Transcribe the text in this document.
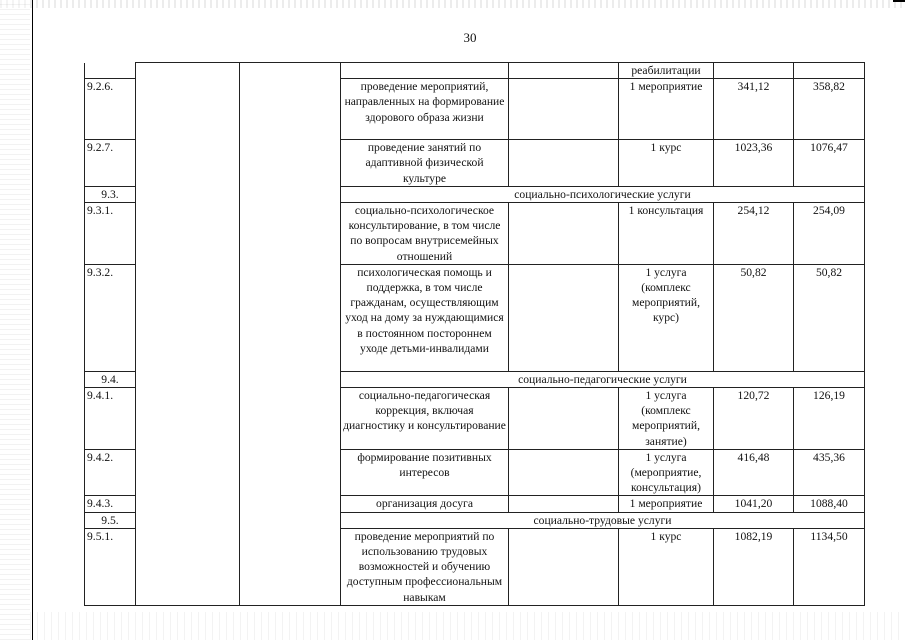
30
					реабилитации		
9.2.6.			проведение мероприятий, направленных на формирование здорового образа жизни		1 мероприятие	341,12	358,82
9.2.7.			проведение занятий по адаптивной физической культуре		1 курс	1023,36	1076,47
9.3.			социально-психологические услуги				
9.3.1.			социально-психологическое консультирование, в том числе по вопросам внутрисемейных отношений		1 консультация	254,12	254,09
9.3.2.			психологическая помощь и поддержка, в том числе гражданам, осуществляющим уход на дому за нуждающимися в постоянном постороннем уходе детьми-инвалидами		1 услуга (комплекс мероприятий, курс)	50,82	50,82
9.4.			социально-педагогические услуги				
9.4.1.			социально-педагогическая коррекция, включая диагностику и консультирование		1 услуга (комплекс мероприятий, занятие)	120,72	126,19
9.4.2.			формирование позитивных интересов		1 услуга (мероприятие, консультация)	416,48	435,36
9.4.3.			организация досуга		1 мероприятие	1041,20	1088,40
9.5.			социально-трудовые услуги				
9.5.1.			проведение мероприятий по использованию трудовых возможностей и обучению доступным профессиональным навыкам		1 курс	1082,19	1134,50
